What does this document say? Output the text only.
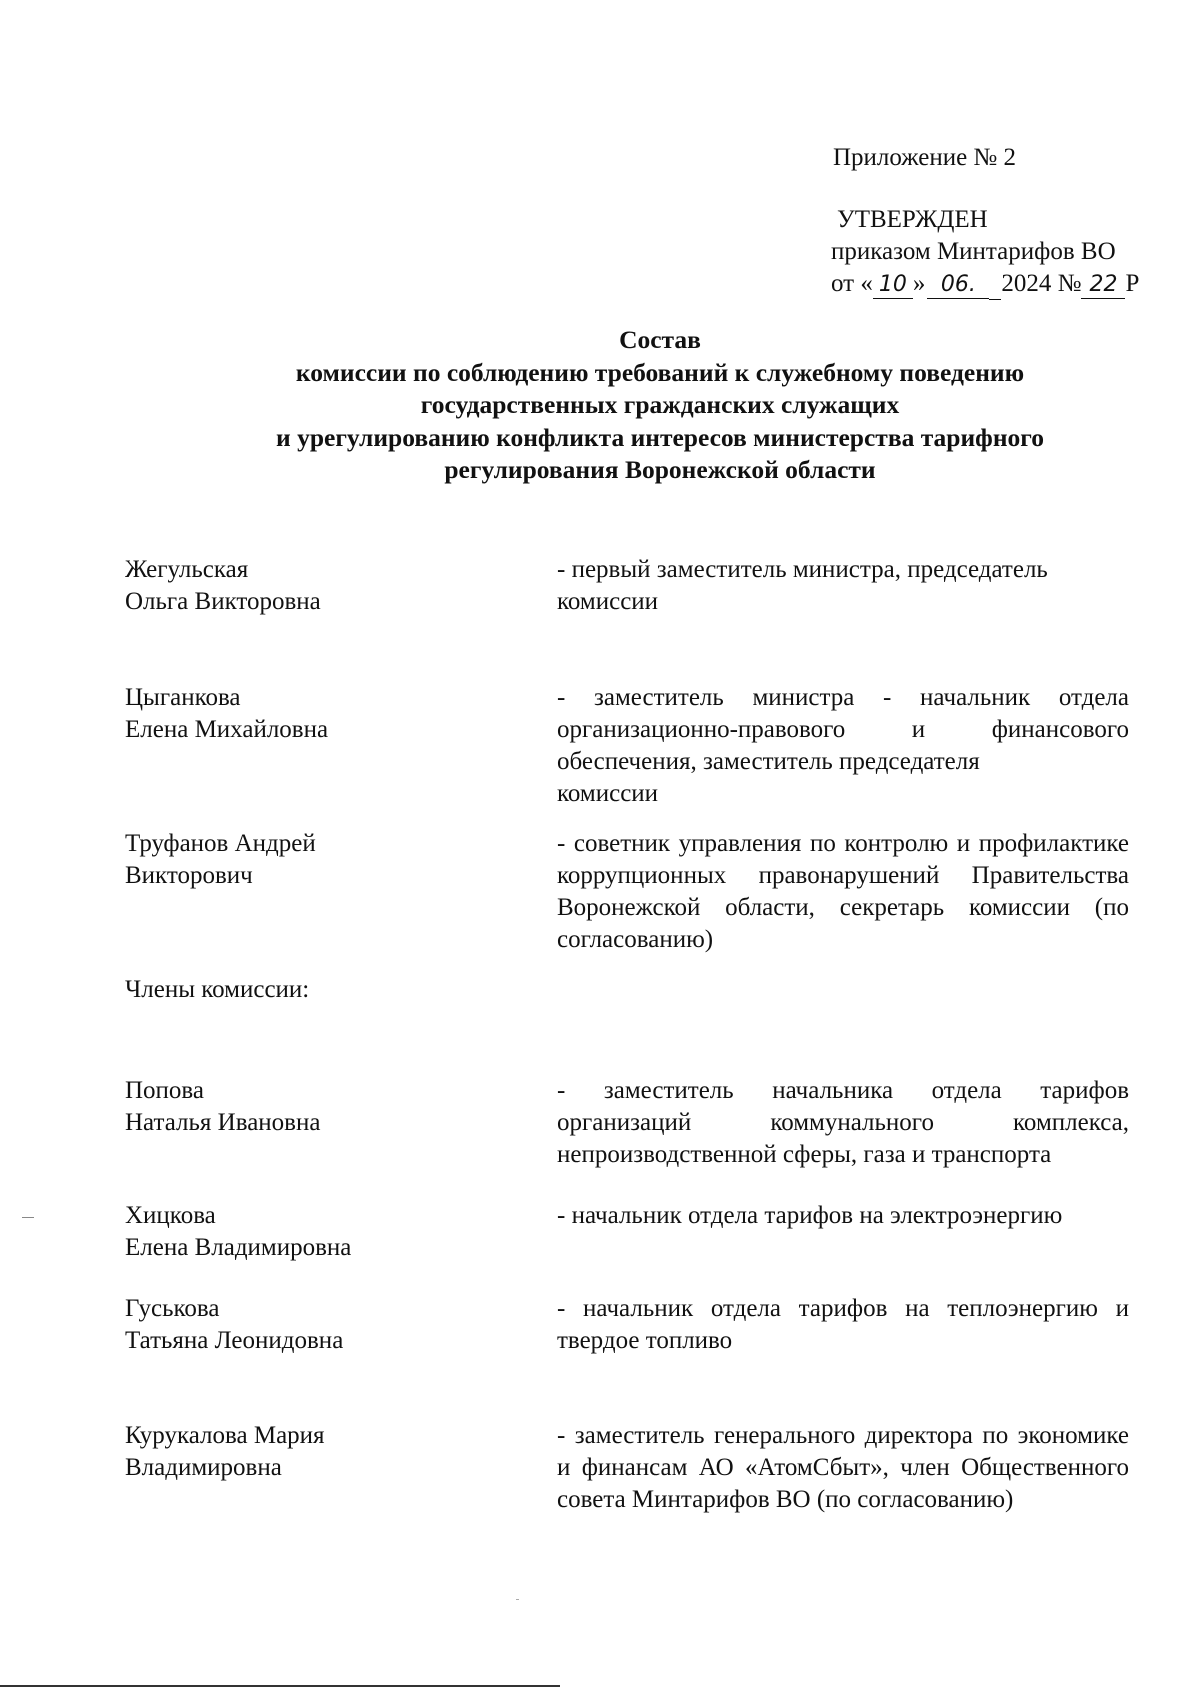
Приложение № 2
УТВЕРЖДЕН
приказом Минтарифов ВО
от « 10 » 06. 2024 № 22 Р
Состав
комиссии по соблюдению требований к служебному поведению
государственных гражданских служащих
и урегулированию конфликта интересов министерства тарифного
регулирования Воронежской области
Жегульская
Ольга Викторовна
- первый заместитель министра, председатель комиссии
Цыганкова
Елена Михайловна
- заместитель министра - начальник отдела организационно-правового и финансового обеспечения, заместитель председателя
комиссии
Труфанов Андрей
Викторович
- советник управления по контролю и профилактике коррупционных правонарушений Правительства Воронежской области, секретарь комиссии (по согласованию)
Члены комиссии:
Попова
Наталья Ивановна
- заместитель начальника отдела тарифов организаций коммунального комплекса, непроизводственной сферы, газа и транспорта
Хицкова
Елена Владимировна
- начальник отдела тарифов на электроэнергию
Гуськова
Татьяна Леонидовна
- начальник отдела тарифов на теплоэнергию и твердое топливо
Курукалова Мария
Владимировна
- заместитель генерального директора по экономике и финансам АО «АтомСбыт», член Общественного совета Минтарифов ВО (по согласованию)
